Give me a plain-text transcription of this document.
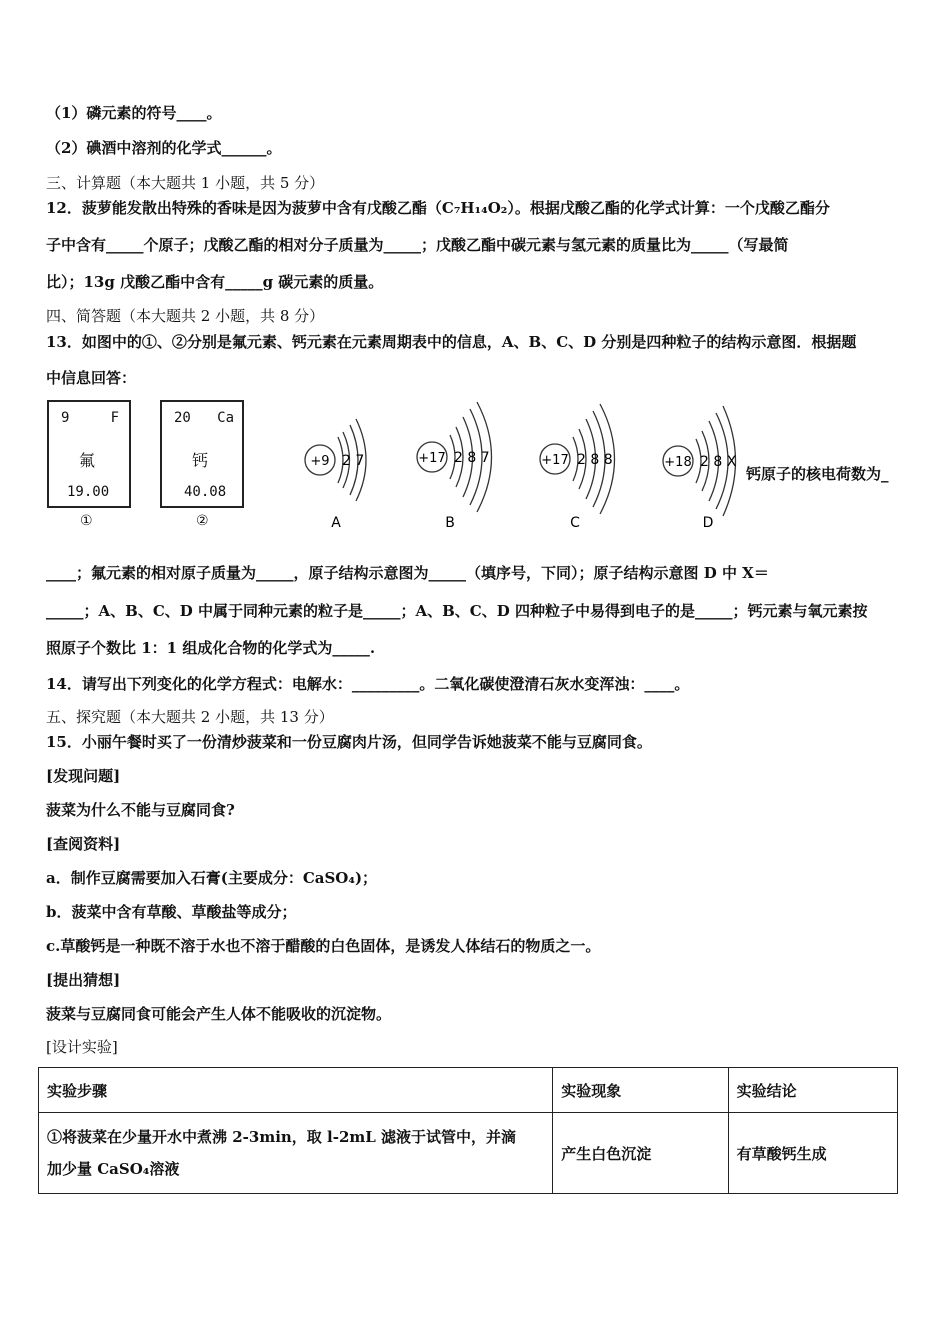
（1）磷元素的符号____。
（2）碘酒中溶剂的化学式______。
三、计算题（本大题共 1 小题，共 5 分）
12．菠萝能发散出特殊的香味是因为菠萝中含有戊酸乙酯（C₇H₁₄O₂）。根据戊酸乙酯的化学式计算：一个戊酸乙酯分
子中含有_____个原子；戊酸乙酯的相对分子质量为_____；戊酸乙酯中碳元素与氢元素的质量比为_____（写最简
比）；13g 戊酸乙酯中含有_____g 碳元素的质量。
四、简答题（本大题共 2 小题，共 8 分）
13．如图中的①、②分别是氟元素、钙元素在元素周期表中的信息，A、B、C、D 分别是四种粒子的结构示意图．根据题
中信息回答：
9	F
氟
19.00
①
20 Ca
钙
40.08
②
+9 2 7
A
+17 2 8 7
B
+17 2 8 8
C
+18 2 8 X
D
钙原子的核电荷数为_
____；氟元素的相对原子质量为_____，原子结构示意图为_____（填序号，下同）；原子结构示意图 D 中 X＝
_____；A、B、C、D 中属于同种元素的粒子是_____；A、B、C、D 四种粒子中易得到电子的是_____；钙元素与氧元素按
照原子个数比 1：1 组成化合物的化学式为_____.
14．请写出下列变化的化学方程式：电解水：_________。二氧化碳使澄清石灰水变浑浊：____。
五、探究题（本大题共 2 小题，共 13 分）
15．小丽午餐时买了一份清炒菠菜和一份豆腐肉片汤，但同学告诉她菠菜不能与豆腐同食。
[发现问题]
菠菜为什么不能与豆腐同食?
[查阅资料]
a．制作豆腐需要加入石膏(主要成分：CaSO₄)；
b．菠菜中含有草酸、草酸盐等成分；
c.草酸钙是一种既不溶于水也不溶于醋酸的白色固体，是诱发人体结石的物质之一。
[提出猜想]
菠菜与豆腐同食可能会产生人体不能吸收的沉淀物。
[设计实验]
实验步骤	实验现象	实验结论

①将菠菜在少量开水中煮沸 2-3min，取 l-2mL 滤液于试管中，并滴
加少量 CaSO₄溶液	产生白色沉淀	有草酸钙生成
